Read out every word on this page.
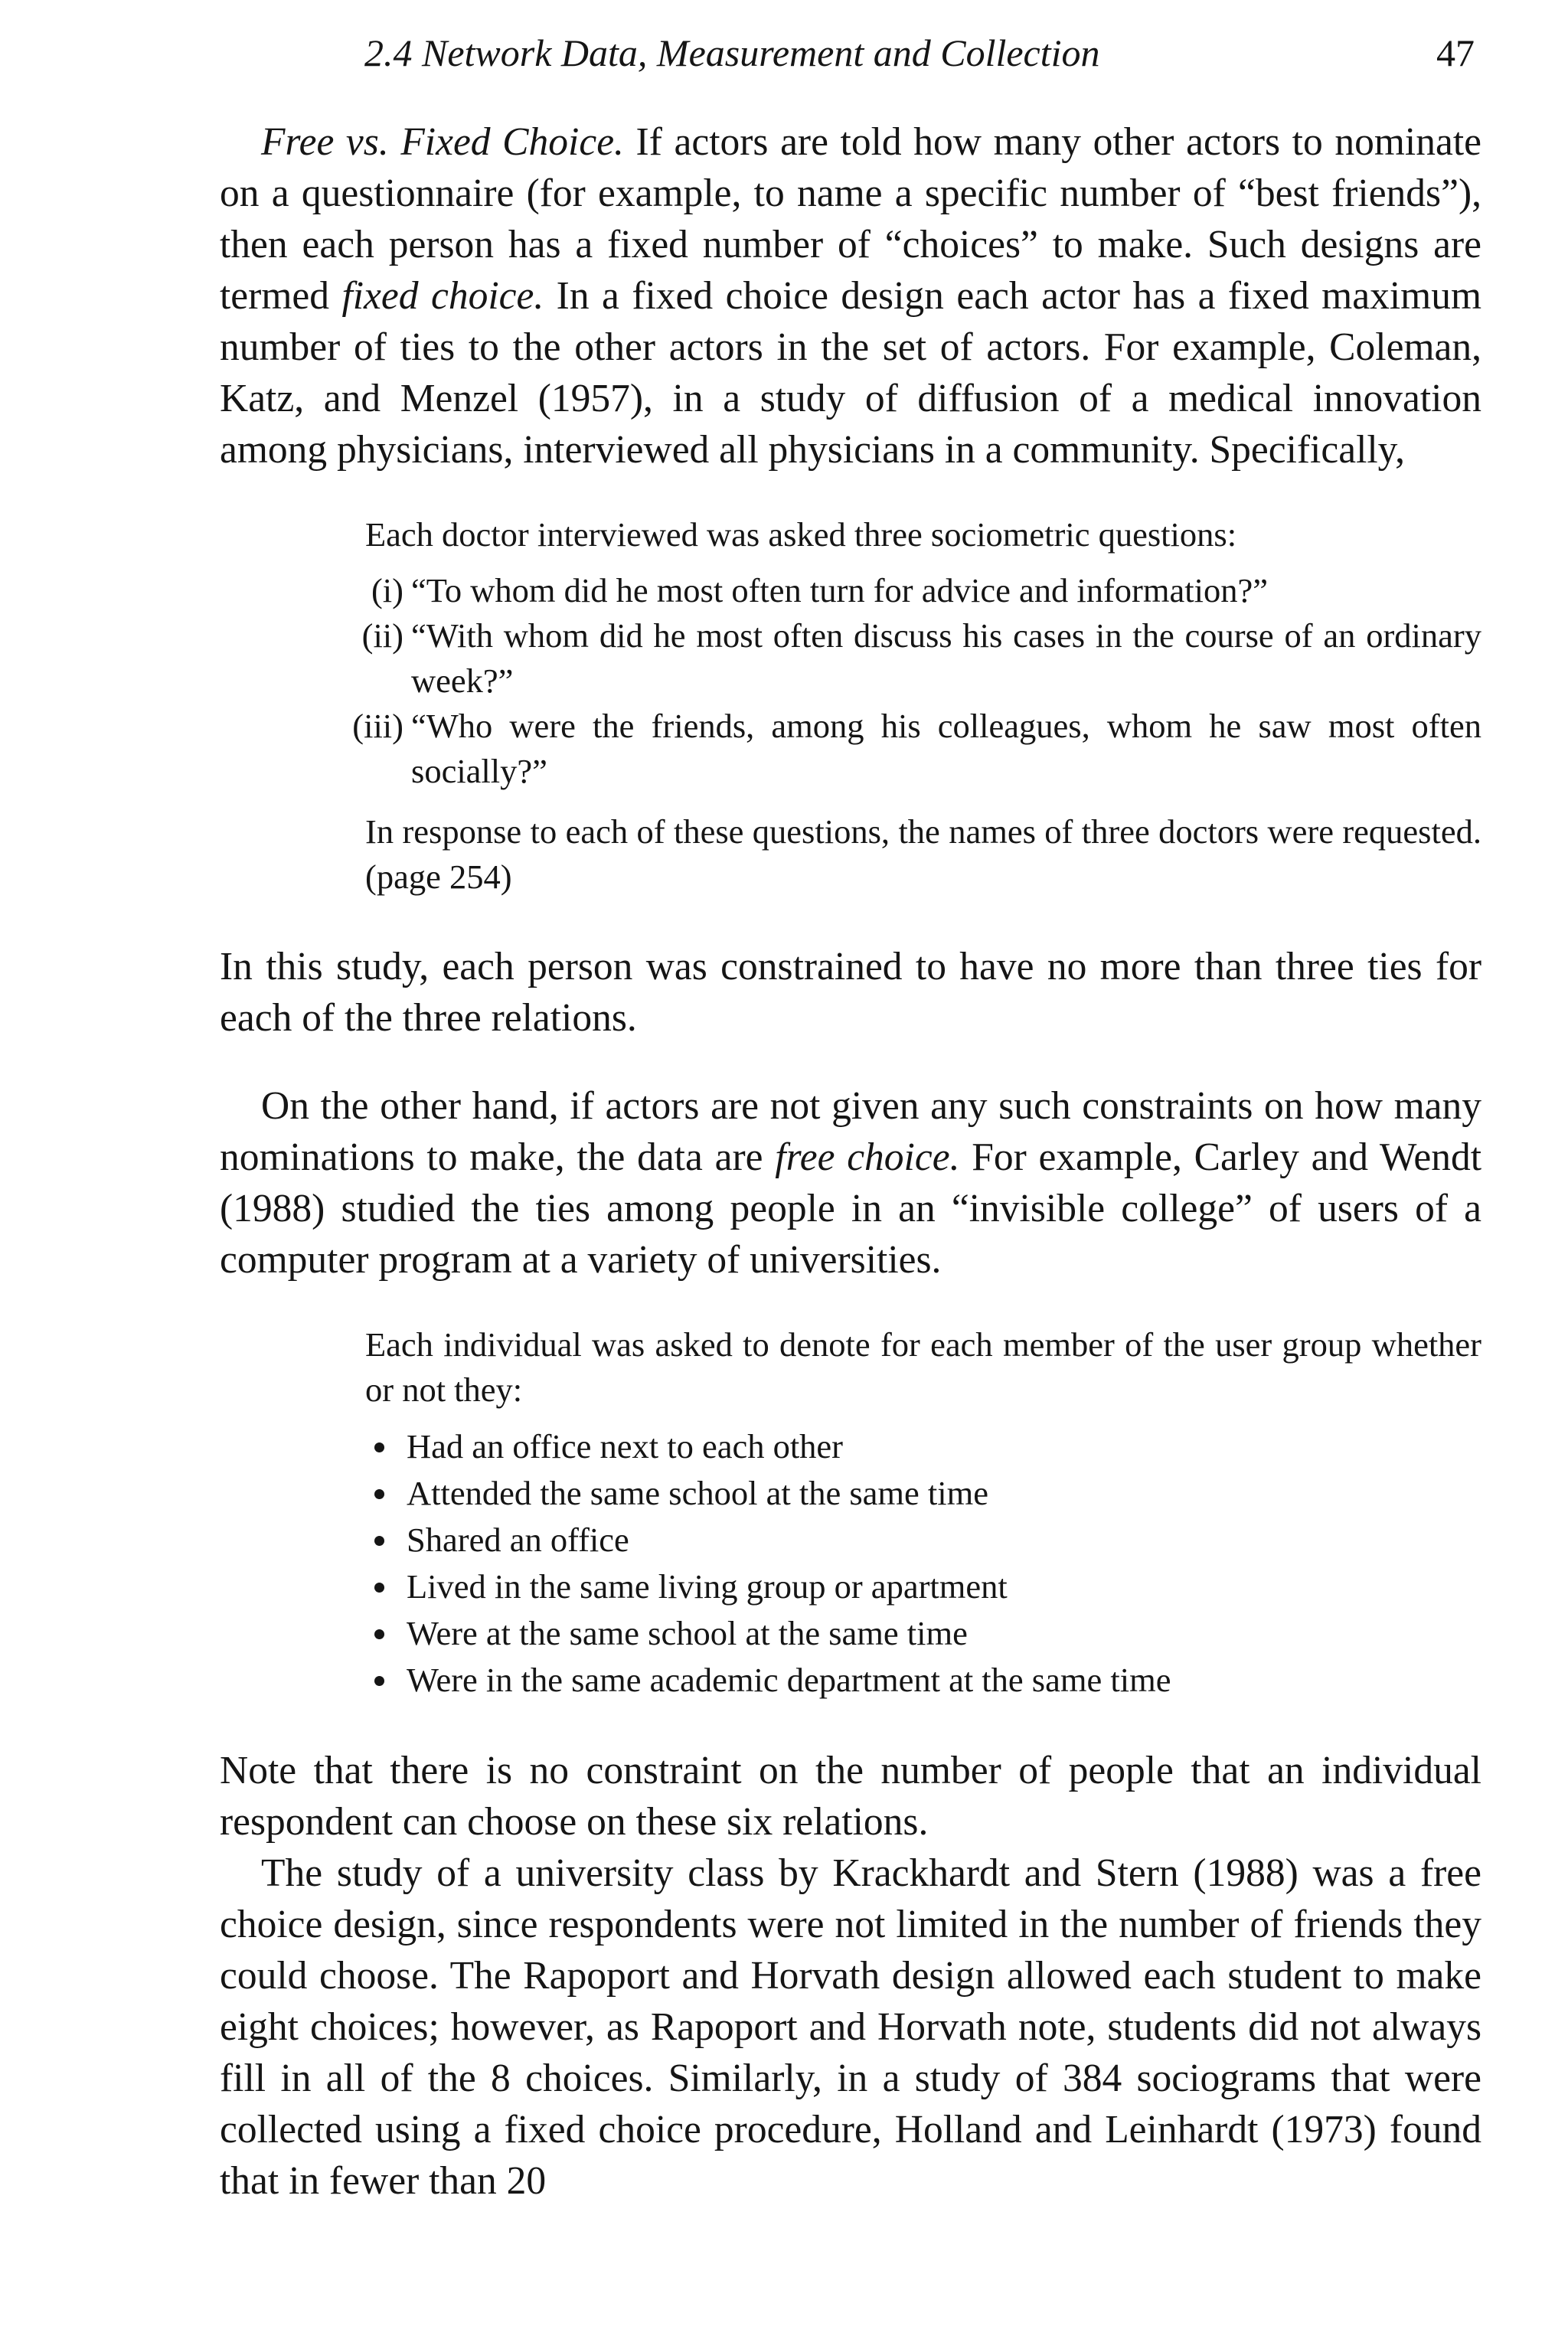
2.4 Network Data, Measurement and Collection	47

Free vs. Fixed Choice. If actors are told how many other actors to nominate on a questionnaire (for example, to name a specific number of “best friends”), then each person has a fixed number of “choices” to make. Such designs are termed fixed choice. In a fixed choice design each actor has a fixed maximum number of ties to the other actors in the set of actors. For example, Coleman, Katz, and Menzel (1957), in a study of diffusion of a medical innovation among physicians, interviewed all physicians in a community. Specifically,

Each doctor interviewed was asked three sociometric questions:

(i) “To whom did he most often turn for advice and information?”
(ii) “With whom did he most often discuss his cases in the course of an ordinary week?”
(iii) “Who were the friends, among his colleagues, whom he saw most often socially?”

In response to each of these questions, the names of three doctors were requested. (page 254)

In this study, each person was constrained to have no more than three ties for each of the three relations.

On the other hand, if actors are not given any such constraints on how many nominations to make, the data are free choice. For example, Carley and Wendt (1988) studied the ties among people in an “invisible college” of users of a computer program at a variety of universities.

Each individual was asked to denote for each member of the user group whether or not they:

Had an office next to each other
Attended the same school at the same time
Shared an office
Lived in the same living group or apartment
Were at the same school at the same time
Were in the same academic department at the same time

Note that there is no constraint on the number of people that an individual respondent can choose on these six relations.

The study of a university class by Krackhardt and Stern (1988) was a free choice design, since respondents were not limited in the number of friends they could choose. The Rapoport and Horvath design allowed each student to make eight choices; however, as Rapoport and Horvath note, students did not always fill in all of the 8 choices. Similarly, in a study of 384 sociograms that were collected using a fixed choice procedure, Holland and Leinhardt (1973) found that in fewer than 20
